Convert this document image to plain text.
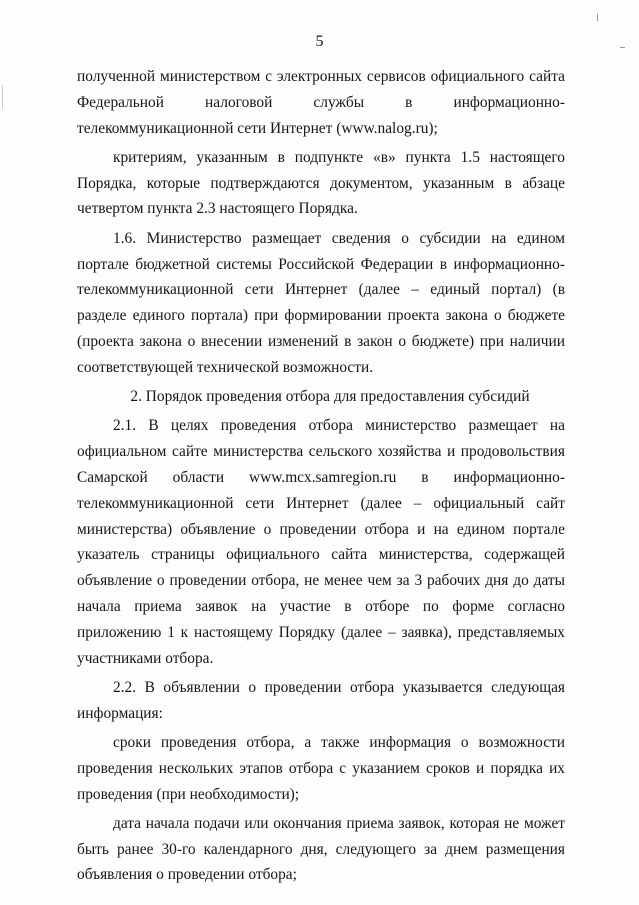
5

полученной министерством с электронных сервисов официального сайта Федеральной налоговой службы в информационно-телекоммуникационной сети Интернет (www.nalog.ru);

критериям, указанным в подпункте «в» пункта 1.5 настоящего Порядка, которые подтверждаются документом, указанным в абзаце четвертом пункта 2.3 настоящего Порядка.

1.6. Министерство размещает сведения о субсидии на едином портале бюджетной системы Российской Федерации в информационно-телекоммуникационной сети Интернет (далее – единый портал) (в разделе единого портала) при формировании проекта закона о бюджете (проекта закона о внесении изменений в закон о бюджете) при наличии соответствующей технической возможности.

2. Порядок проведения отбора для предоставления субсидий

2.1. В целях проведения отбора министерство размещает на официальном сайте министерства сельского хозяйства и продовольствия Самарской области www.mcx.samregion.ru в информационно-телекоммуникационной сети Интернет (далее – официальный сайт министерства) объявление о проведении отбора и на едином портале указатель страницы официального сайта министерства, содержащей объявление о проведении отбора, не менее чем за 3 рабочих дня до даты начала приема заявок на участие в отборе по форме согласно приложению 1 к настоящему Порядку (далее – заявка), представляемых участниками отбора.

2.2. В объявлении о проведении отбора указывается следующая информация:

сроки проведения отбора, а также информация о возможности проведения нескольких этапов отбора с указанием сроков и порядка их проведения (при необходимости);

дата начала подачи или окончания приема заявок, которая не может быть ранее 30-го календарного дня, следующего за днем размещения объявления о проведении отбора;
